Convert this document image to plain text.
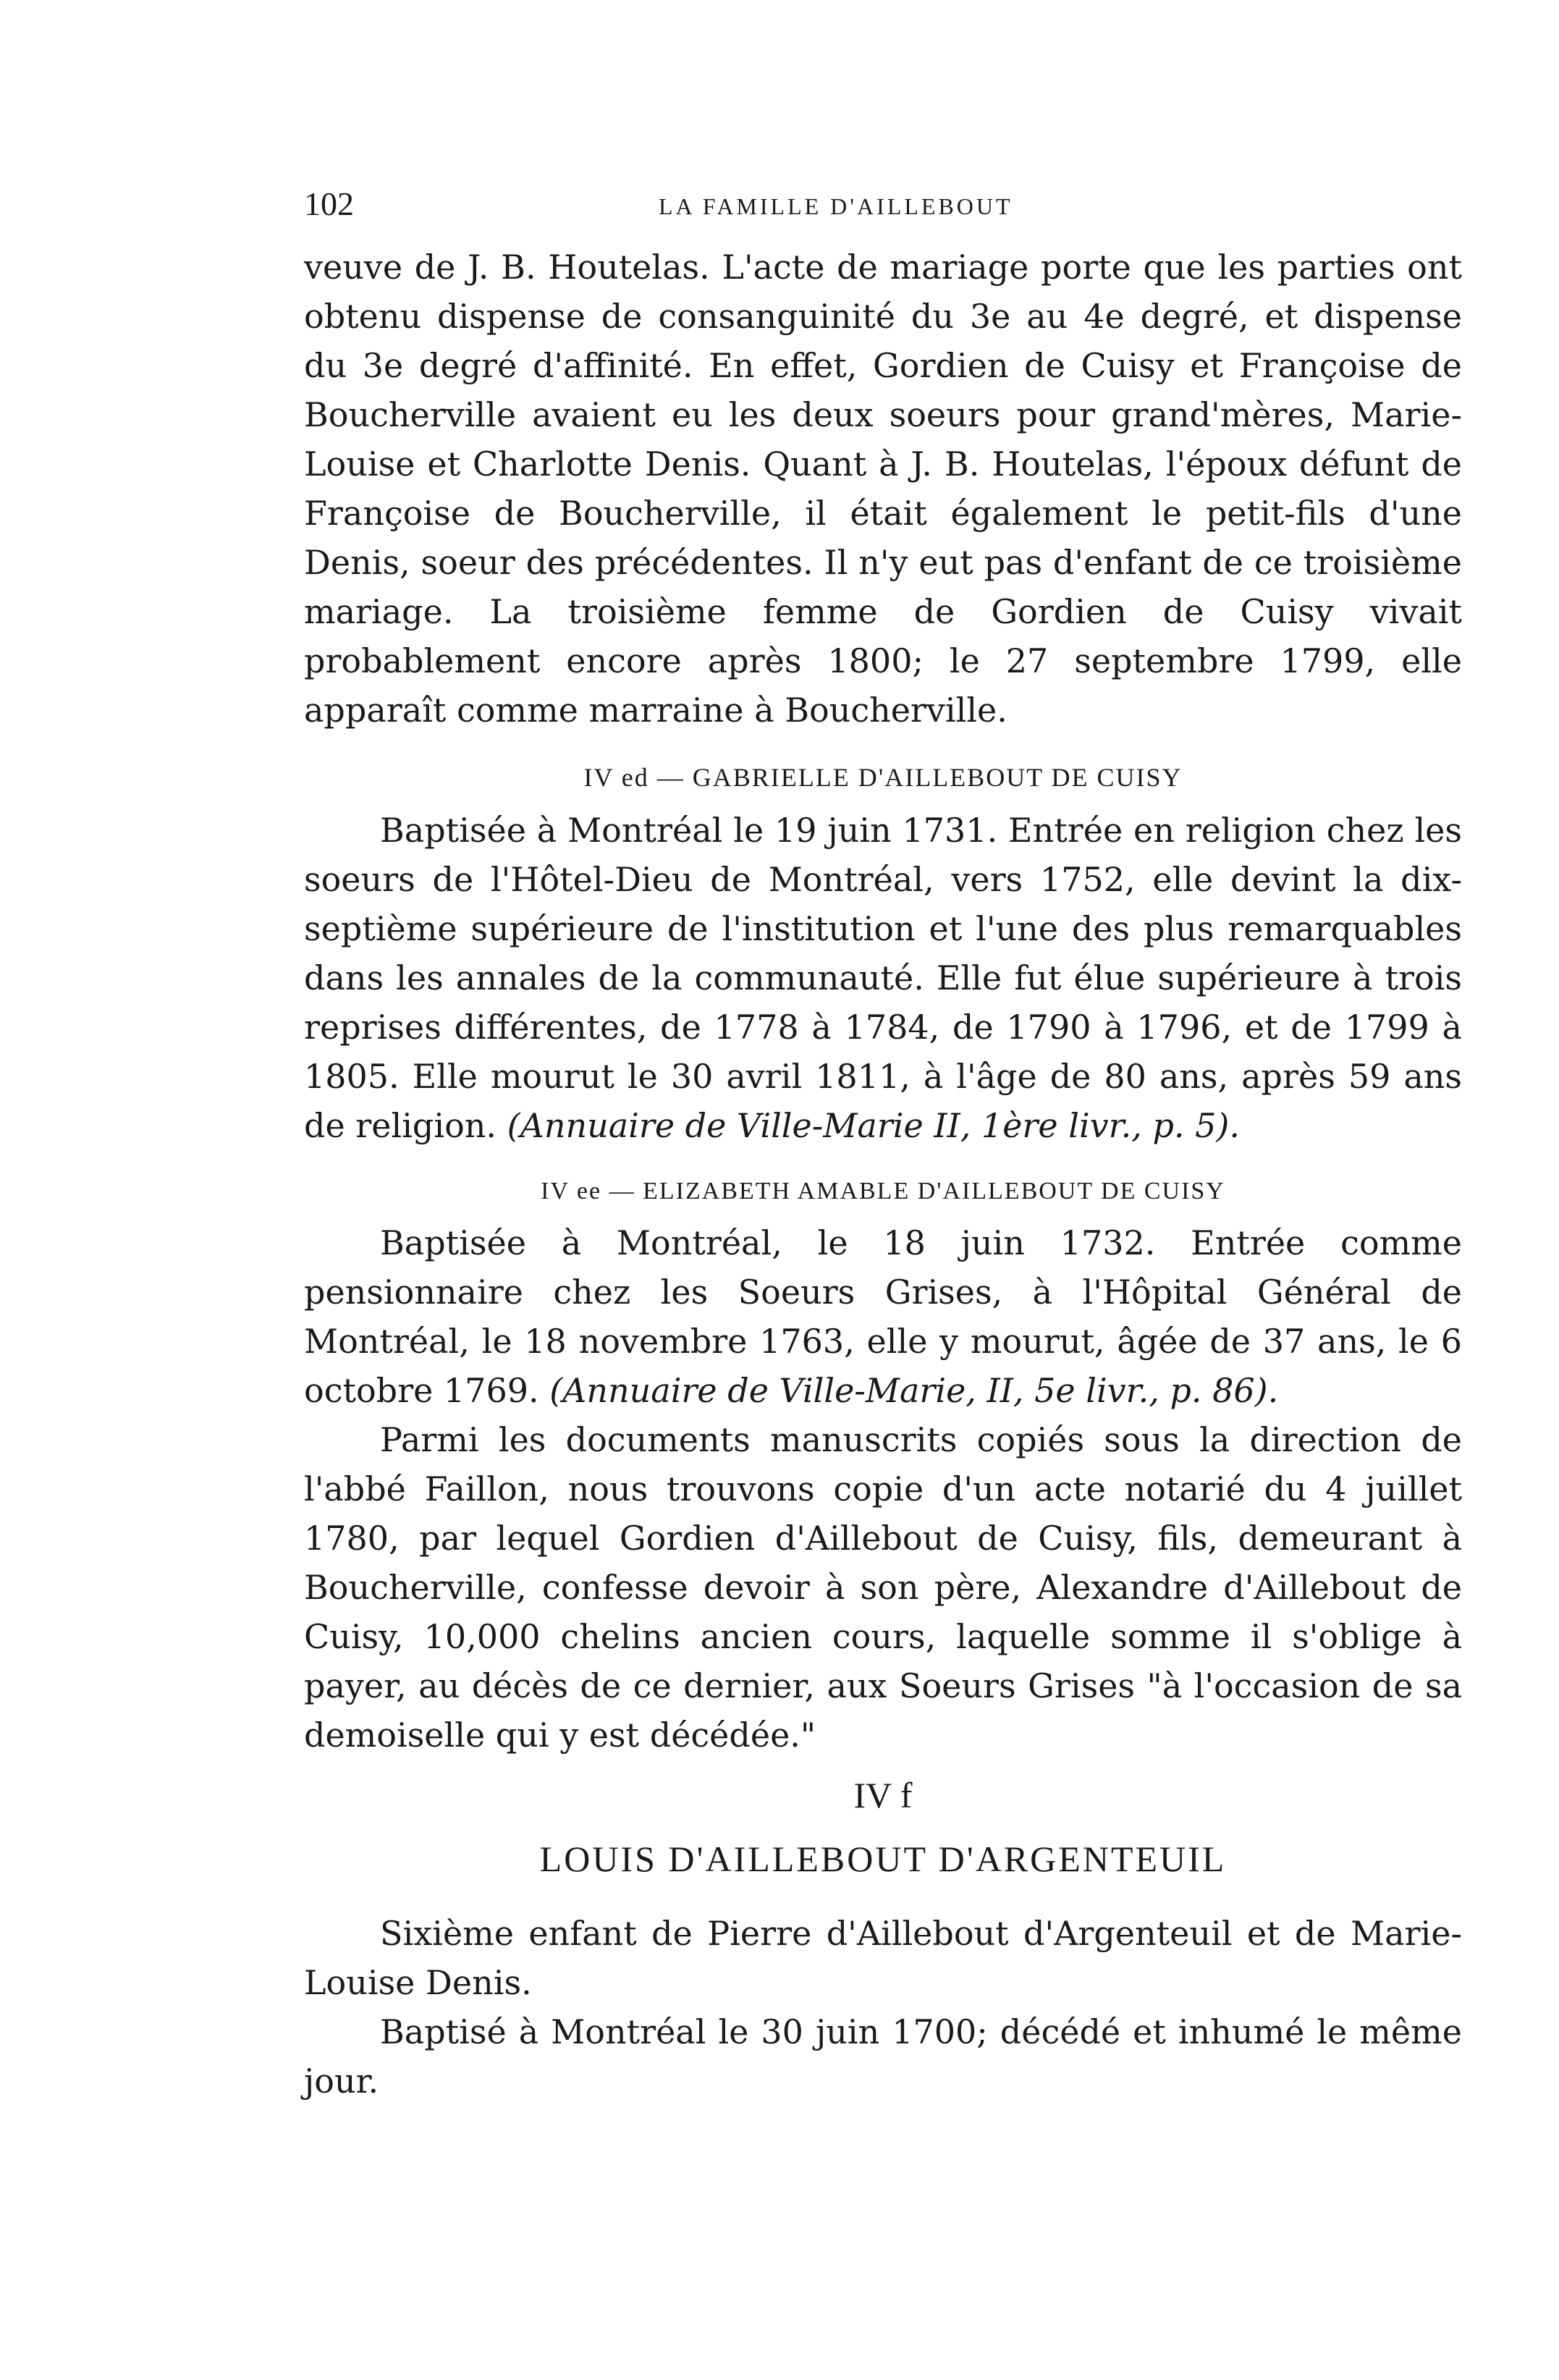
102	LA FAMILLE D'AILLEBOUT

veuve de J. B. Houtelas. L'acte de mariage porte que les parties ont obtenu dispense de consanguinité du 3e au 4e degré, et dispense du 3e degré d'affinité. En effet, Gordien de Cuisy et Françoise de Boucherville avaient eu les deux soeurs pour grand'mères, Marie-Louise et Charlotte Denis. Quant à J. B. Houtelas, l'époux défunt de Françoise de Boucherville, il était également le petit-fils d'une Denis, soeur des précédentes. Il n'y eut pas d'enfant de ce troisième mariage. La troisième femme de Gordien de Cuisy vivait probablement encore après 1800; le 27 septembre 1799, elle apparaît comme marraine à Boucherville.

IV ed — GABRIELLE D'AILLEBOUT DE CUISY

Baptisée à Montréal le 19 juin 1731. Entrée en religion chez les soeurs de l'Hôtel-Dieu de Montréal, vers 1752, elle devint la dix-septième supérieure de l'institution et l'une des plus remarquables dans les annales de la communauté. Elle fut élue supérieure à trois reprises différentes, de 1778 à 1784, de 1790 à 1796, et de 1799 à 1805. Elle mourut le 30 avril 1811, à l'âge de 80 ans, après 59 ans de religion. (Annuaire de Ville-Marie II, 1ère livr., p. 5).

IV ee — ELIZABETH AMABLE D'AILLEBOUT DE CUISY

Baptisée à Montréal, le 18 juin 1732. Entrée comme pensionnaire chez les Soeurs Grises, à l'Hôpital Général de Montréal, le 18 novembre 1763, elle y mourut, âgée de 37 ans, le 6 octobre 1769. (Annuaire de Ville-Marie, II, 5e livr., p. 86).

Parmi les documents manuscrits copiés sous la direction de l'abbé Faillon, nous trouvons copie d'un acte notarié du 4 juillet 1780, par lequel Gordien d'Aillebout de Cuisy, fils, demeurant à Boucherville, confesse devoir à son père, Alexandre d'Aillebout de Cuisy, 10,000 chelins ancien cours, laquelle somme il s'oblige à payer, au décès de ce dernier, aux Soeurs Grises "à l'occasion de sa demoiselle qui y est décédée."

IV f
LOUIS D'AILLEBOUT D'ARGENTEUIL

Sixième enfant de Pierre d'Aillebout d'Argenteuil et de Marie-Louise Denis.

Baptisé à Montréal le 30 juin 1700; décédé et inhumé le même jour.
